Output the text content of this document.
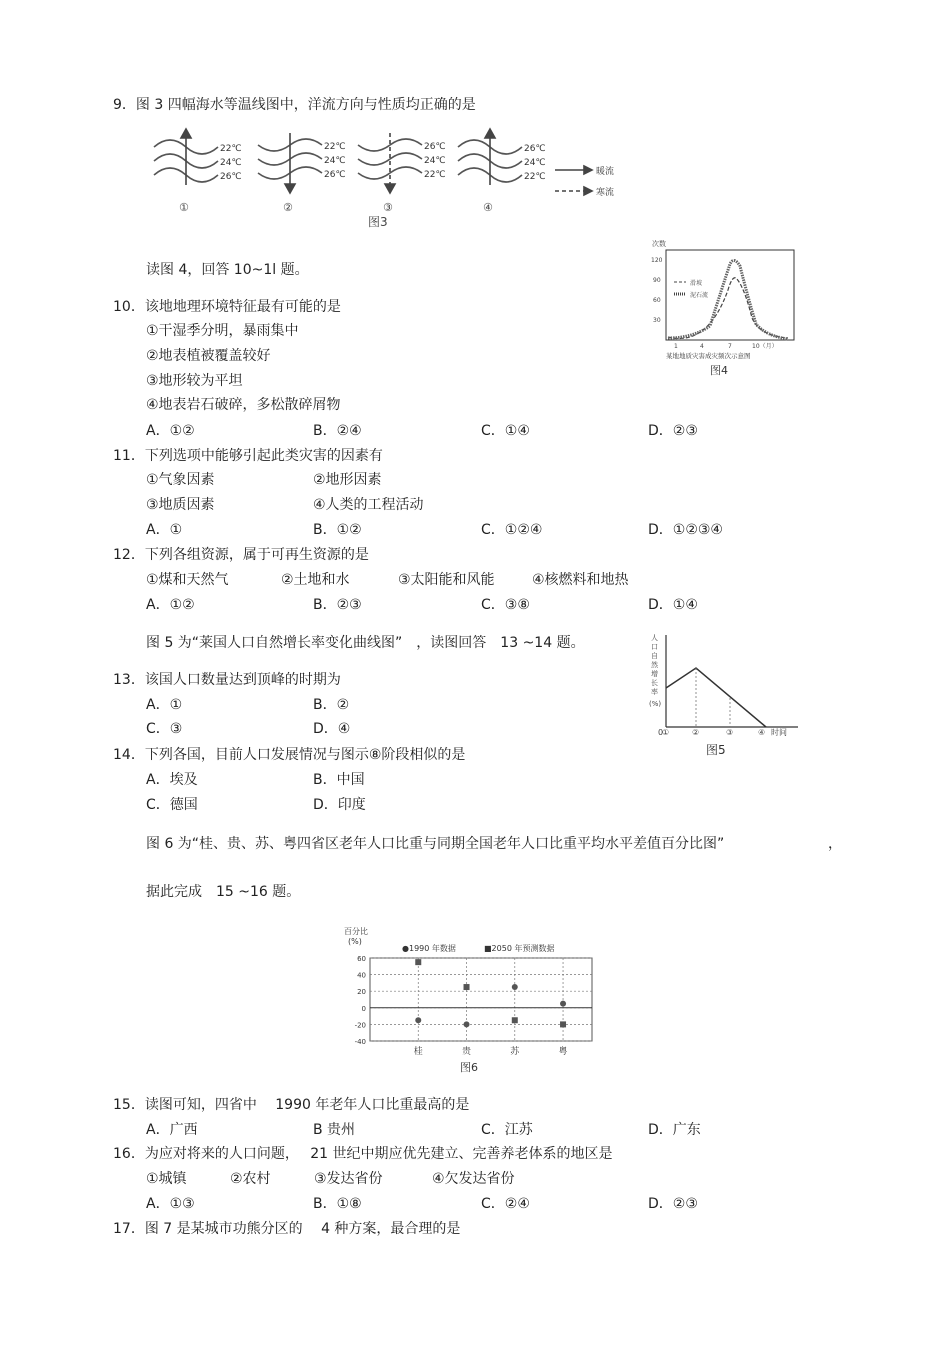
9．图 3 四幅海水等温线图中，洋流方向与性质均正确的是
22℃
24℃
26℃
22℃
24℃
26℃
26℃
24℃
22℃
26℃
24℃
22℃	暖流
寒流
①	②	③	④
图3
读图 4，回答 10~1l 题。
次数
120
90
60
30
1	4	7	10（月）
滑坡
泥石流
某地地质灾害成灾频次示意图
图4
10．该地地理环境特征最有可能的是
①干湿季分明，暴雨集中
②地表植被覆盖较好
③地形较为平坦
④地表岩石破碎，多松散碎屑物
A．①②	B．②④	C．①④	D．②③
11．下列选项中能够引起此类灾害的因素有
①气象因素	②地形因素
③地质因素	④人类的工程活动
A．①	B．①②	C．①②④	D．①②③④
12．下列各组资源，属于可再生资源的是
①煤和天然气	②土地和水	③太阳能和风能	④核燃料和地热
A．①②	B．②③	C．③⑧	D．①④
图 5 为“莱国人口自然增长率变化曲线图”　，读图回答　13 ~14 题。	人
口
自
然
增
长
率
(%)
0
①	②	③	④ 时间
图5
13．该国人口数量达到顶峰的时期为
A．①	B．②
C．③	D．④
14．下列各国，目前人口发展情况与图示⑧阶段相似的是
A．埃及	B．中国
C．德国	D．印度
图 6 为“桂、贵、苏、粤四省区老年人口比重与同期全国老年人口比重平均水平差值百分比图”	，
据此完成　15 ~16 题。
百分比
(%)
●1990 年数据	■2050 年预测数据
60
40
20
0
-20
-40
桂	贵	苏	粤
图6
15．读图可知，四省中　 1990 年老年人口比重最高的是
A．广西	B 贵州	C．江苏	D．广东
16．为应对将来的人口问题，　 21 世纪中期应优先建立、完善养老体系的地区是
①城镇	②农村	③发达省份	④欠发达省份
A．①③	B．①⑧	C．②④	D．②③
17．图 7 是某城市功熊分区的　 4 种方案，最合理的是
